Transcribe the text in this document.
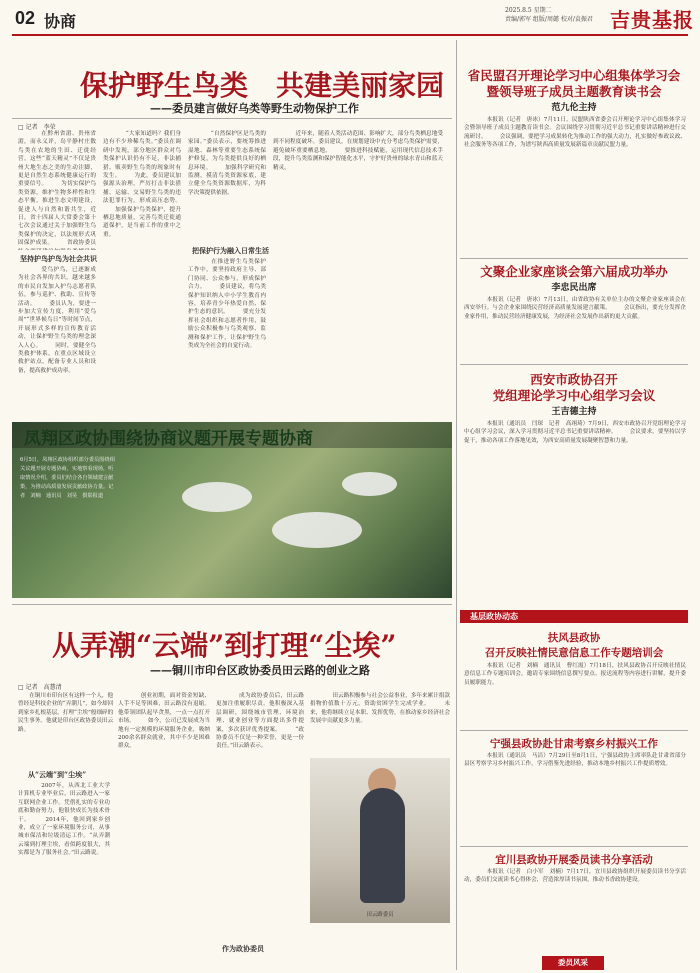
02 协商
2025.8.5 星期二
责编/郭军 组版/周懿 校对/袁振君 吉贵基报
保护野生鸟类　共建美丽家园
——委员建言做好乌类等野生动物保护工作
□ 记者　李荣

　　在黔州省湄、贵州省湄，而永义评，岛平静村庄数鸟类在农地的生田、迁徙经营。这些“蓝天精灵”不仅是贵州大地生态之美的生动注脚，更是自然生态系统健康运行的重要信号。 　　为切实保护鸟类资源，维护生物多样性和生态平衡，推进生态文明建设，促进人与自然和谐共生，近日，省十四届人大常委会第十七次会议通过关于加强野生鸟类保护的决定，以法规形式巩固保护成果。 　　省政协委员

坚持护鸟护鸟为社会共识

　　爱鸟护鸟，已逐渐成为社会各界的共识。越来越多的市民自发加入护鸟志愿者队伍，参与巡护、救助、宣传等活动。 　　委员认为，要进一步加大宣传力度，利用“爱鸟周”“世界候鸟日”等时间节点，开展形式多样的宣传教育活动，让保护野生鸟类的理念深入人心。 　　同时，要健全鸟类救护体系，在重点区域设立救护站点，配备专业人员和设备，提高救护成功率。

　　“大家知道吗？我们身边有不少珍稀鸟类。”委员在调研中发现，部分地区群众对鸟类保护认识仍有不足，非法捕猎、贩卖野生鸟类的现象时有发生。 　　为此，委员建议加强源头治理，严厉打击非法猎捕、运输、交易野生鸟类的违法犯罪行为，形成高压态势。 　　加强保护鸟类保护，提升栖息地质量，完善鸟类迁徙通道保护，是当前工作的重中之重。

　　“自然保护区是鸟类的家园。”委员表示，要统筹推进湿地、森林等重要生态系统保护修复，为鸟类提供良好的栖息环境。 　　加强科学研究和监测，摸清鸟类资源家底，建立健全鸟类资源数据库，为科学决策提供依据。

把保护行为融入日常生活

　　在推进野生鸟类保护工作中，要坚持政府主导、部门协同、公众参与，形成保护合力。 　　委员建议，将鸟类保护知识纳入中小学生教育内容，培养青少年热爱自然、保护生态的意识。 　　要充分发挥社会组织和志愿者作用，鼓励公众积极参与鸟类观察、监测和保护工作，让保护野生鸟类成为全社会的自觉行动。

　　近年来，随着人类活动范围、影响扩大，部分鸟类栖息地受到不同程度破坏。委员建议，在规划建设中充分考虑鸟类保护需要，避免破坏重要栖息地。 　　要推进科技赋能，运用现代信息技术手段，提升鸟类监测和保护智能化水平，守护好贵州的绿水青山和蓝天精灵。

凤翔区政协围绕协商议题开展专题协商
6月5日，凤翔区政协组织部分委员围绕相关议题开展专题协商，实地察看现场，听取情况介绍，委员们结合各自领域建言献策，为推动高质量发展贡献政协力量。记者　刘楠　通讯员　刘昊　摄影报道
从弄潮“云端”到打理“尘埃”
——铜川市印台区政协委员田云路的创业之路
□ 记者　高慧清
　　在铜川市印台区有这样一个人，他曾经是科技企业的“弄潮儿”，如今却回到家乡扎根基层，打理“尘埃”般细碎的民生事务。他就是印台区政协委员田云路。
从“云端”到“尘埃”

　　2007年，从西北工业大学计算机专业毕业后，田云路进入一家互联网企业工作。凭借扎实的专业功底和勤奋努力，他很快成长为技术骨干。 　　2014年，他回到家乡创业，成立了一家环境服务公司，从事城市保洁和垃圾清运工作。“从弄潮云端到打理尘埃，看似跨度很大，其实都是为了服务社会。”田云路说。

　　创业初期，面对资金短缺、人手不足等困难，田云路没有退缩。他带领团队起早贪黑，一点一点打开市场。 　　如今，公司已发展成为当地有一定规模的环境服务企业，吸纳200余名群众就业，其中不少是困难群众。

　　成为政协委员后，田云路更加注重履职尽责。他积极深入基层调研，围绕城市管理、环境治理、就业创业等方面提出多件提案，多次获评优秀提案。 　　“政协委员不仅是一种荣誉，更是一份责任。”田云路表示。

作为政协委员

　　田云路积极参与社会公益事业，多年来累计捐款捐物价值数十万元，资助贫困学生完成学业。 　　未来，他将继续立足本职、发挥优势，在推动家乡经济社会发展中贡献更多力量。

田云路委员
省民盟召开理论学习中心组集体学习会
暨领导班子成员主题教育读书会
范九伦主持

　　本报讯（记者　唐冰）7月11日，民盟陕西省委会召开理论学习中心组集体学习会暨领导班子成员主题教育读书会。会议围绕学习贯彻习近平总书记重要讲话精神进行交流研讨。 　　会议强调，要把学习成果转化为推动工作的强大动力，扎实做好参政议政、社会服务等各项工作，为谱写陕西高质量发展新篇章贡献民盟力量。

文聚企业家座谈会第六届成功举办
李忠民出席

　　本报讯（记者　唐冰）7月13日，由省政协有关单位主办的文聚企业家座谈会在西安举行。与会企业家围绕民营经济高质量发展建言献策。 　　会议指出，要充分发挥企业家作用，推动民营经济健康发展，为经济社会发展作出新的更大贡献。

西安市政协召开
党组理论学习中心组学习会议
王吉德主持

　　本报讯（通讯员　闫琛　记者　高翊琦）7月9日，西安市政协召开党组理论学习中心组学习会议，深入学习贯彻习近平总书记重要讲话精神。 　　会议要求，要坚持以学促干，推动各项工作落地见效，为西安高质量发展凝聚智慧和力量。

基层政协动态
扶风县政协
召开反映社情民意信息工作专题培训会

　　本报讯（记者　刘楠　通讯员　曹红霞）7月18日，扶风县政协召开反映社情民意信息工作专题培训会，邀请专家围绕信息撰写要点、报送流程等内容进行讲解，提升委员履职能力。

宁强县政协赴甘肃考察乡村振兴工作

　　本报讯（通讯员　马洁）7月29日至8月1日，宁强县政协主席率队赴甘肃省部分县区考察学习乡村振兴工作，学习借鉴先进经验，推动本地乡村振兴工作提质增效。

宜川县政协开展委员读书分享活动

　　本报讯（记者　白小军　刘楠）7月17日，宜川县政协组织开展委员读书分享活动，委员们交流读书心得体会，营造浓厚读书氛围，推动书香政协建设。

委员风采
